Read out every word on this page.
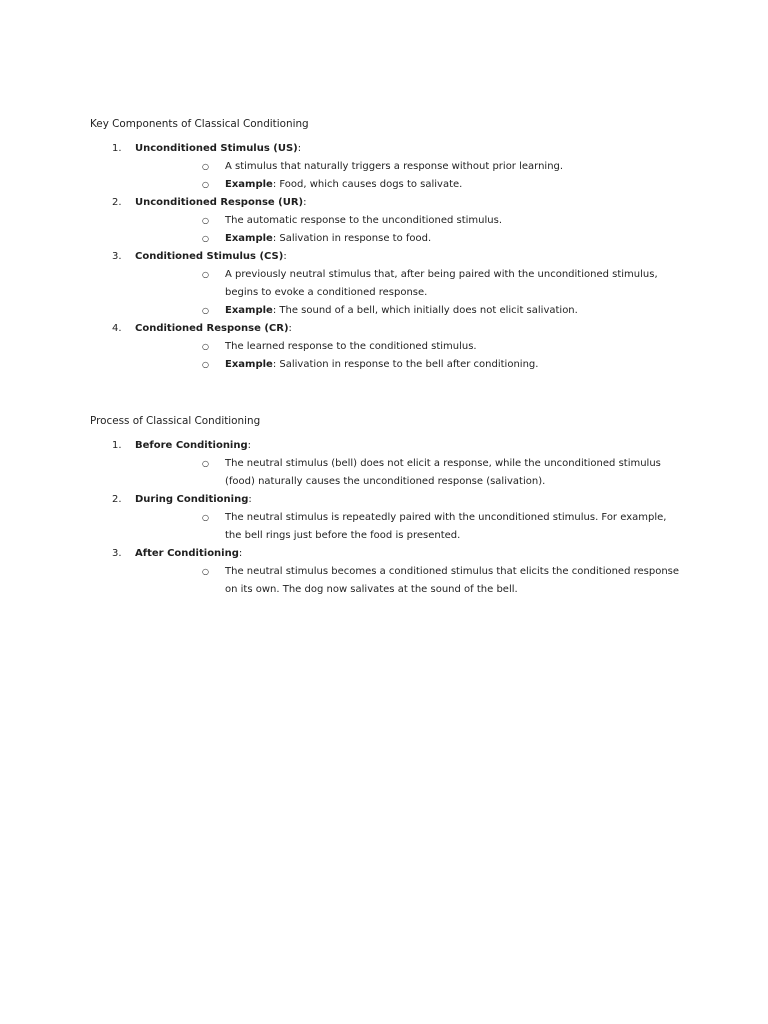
Key Components of Classical Conditioning
1. Unconditioned Stimulus (US):
○ A stimulus that naturally triggers a response without prior learning.
○ Example: Food, which causes dogs to salivate.
2. Unconditioned Response (UR):
○ The automatic response to the unconditioned stimulus.
○ Example: Salivation in response to food.
3. Conditioned Stimulus (CS):
○ A previously neutral stimulus that, after being paired with the unconditioned stimulus, begins to evoke a conditioned response.
○ Example: The sound of a bell, which initially does not elicit salivation.
4. Conditioned Response (CR):
○ The learned response to the conditioned stimulus.
○ Example: Salivation in response to the bell after conditioning.
Process of Classical Conditioning
1. Before Conditioning:
○ The neutral stimulus (bell) does not elicit a response, while the unconditioned stimulus (food) naturally causes the unconditioned response (salivation).
2. During Conditioning:
○ The neutral stimulus is repeatedly paired with the unconditioned stimulus. For example, the bell rings just before the food is presented.
3. After Conditioning:
○ The neutral stimulus becomes a conditioned stimulus that elicits the conditioned response on its own. The dog now salivates at the sound of the bell.
